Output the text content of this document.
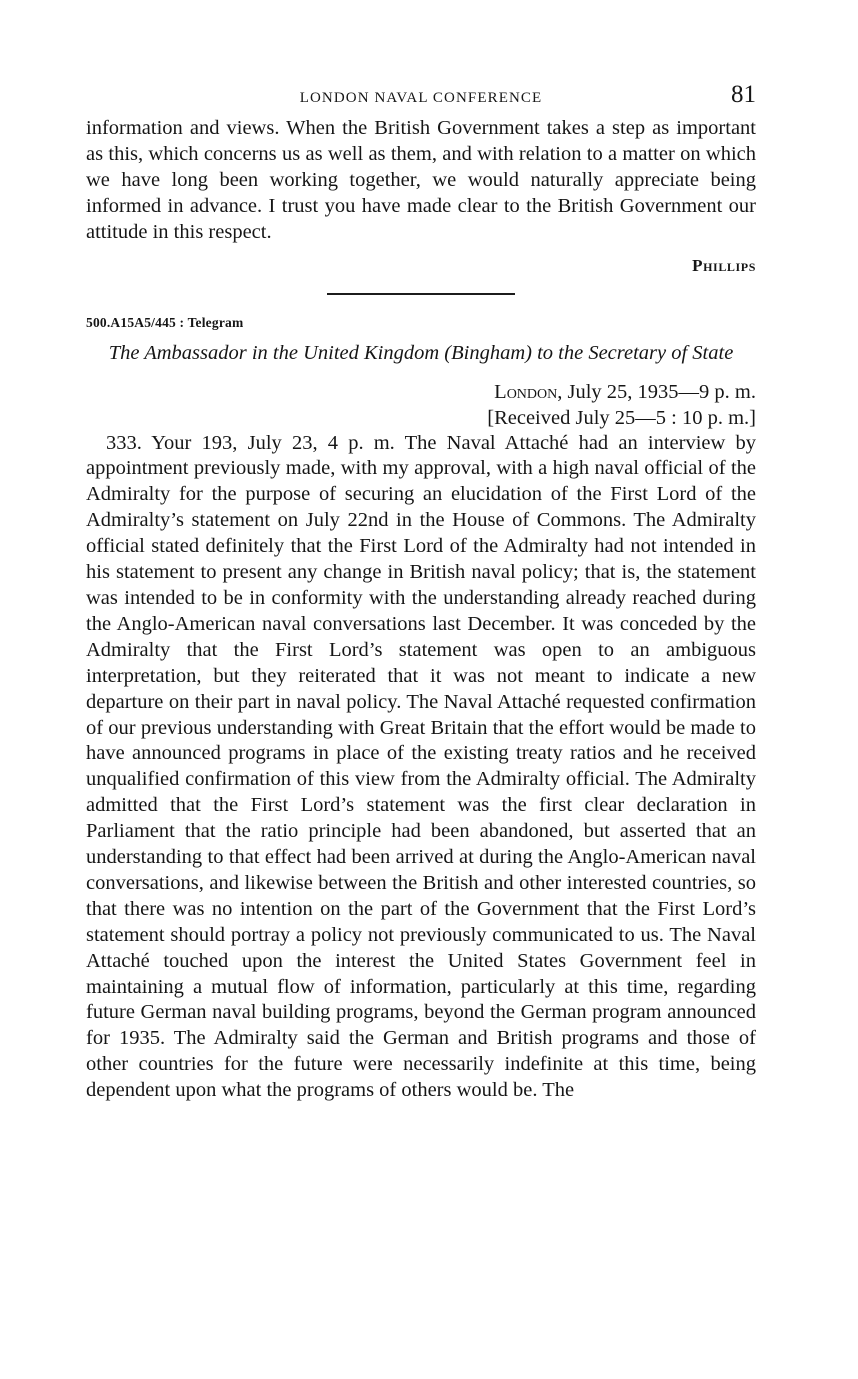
LONDON NAVAL CONFERENCE	81

information and views. When the British Government takes a step as important as this, which concerns us as well as them, and with relation to a matter on which we have long been working together, we would naturally appreciate being informed in advance. I trust you have made clear to the British Government our attitude in this respect.

Phillips
500.A15A5/445 : Telegram
The Ambassador in the United Kingdom (Bingham) to the Secretary of State
London, July 25, 1935—9 p. m.
[Received July 25—5 : 10 p. m.]

333. Your 193, July 23, 4 p. m. The Naval Attaché had an interview by appointment previously made, with my approval, with a high naval official of the Admiralty for the purpose of securing an elucidation of the First Lord of the Admiralty’s statement on July 22nd in the House of Commons. The Admiralty official stated definitely that the First Lord of the Admiralty had not intended in his statement to present any change in British naval policy; that is, the statement was intended to be in conformity with the understanding already reached during the Anglo-American naval conversations last December. It was conceded by the Admiralty that the First Lord’s statement was open to an ambiguous interpretation, but they reiterated that it was not meant to indicate a new departure on their part in naval policy. The Naval Attaché requested confirmation of our previous understanding with Great Britain that the effort would be made to have announced programs in place of the existing treaty ratios and he received unqualified confirmation of this view from the Admiralty official. The Admiralty admitted that the First Lord’s statement was the first clear declaration in Parliament that the ratio principle had been abandoned, but asserted that an understanding to that effect had been arrived at during the Anglo-American naval conversations, and likewise between the British and other interested countries, so that there was no intention on the part of the Government that the First Lord’s statement should portray a policy not previously communicated to us. The Naval Attaché touched upon the interest the United States Government feel in maintaining a mutual flow of information, particularly at this time, regarding future German naval building programs, beyond the German program announced for 1935. The Admiralty said the German and British programs and those of other countries for the future were necessarily indefinite at this time, being dependent upon what the programs of others would be. The
